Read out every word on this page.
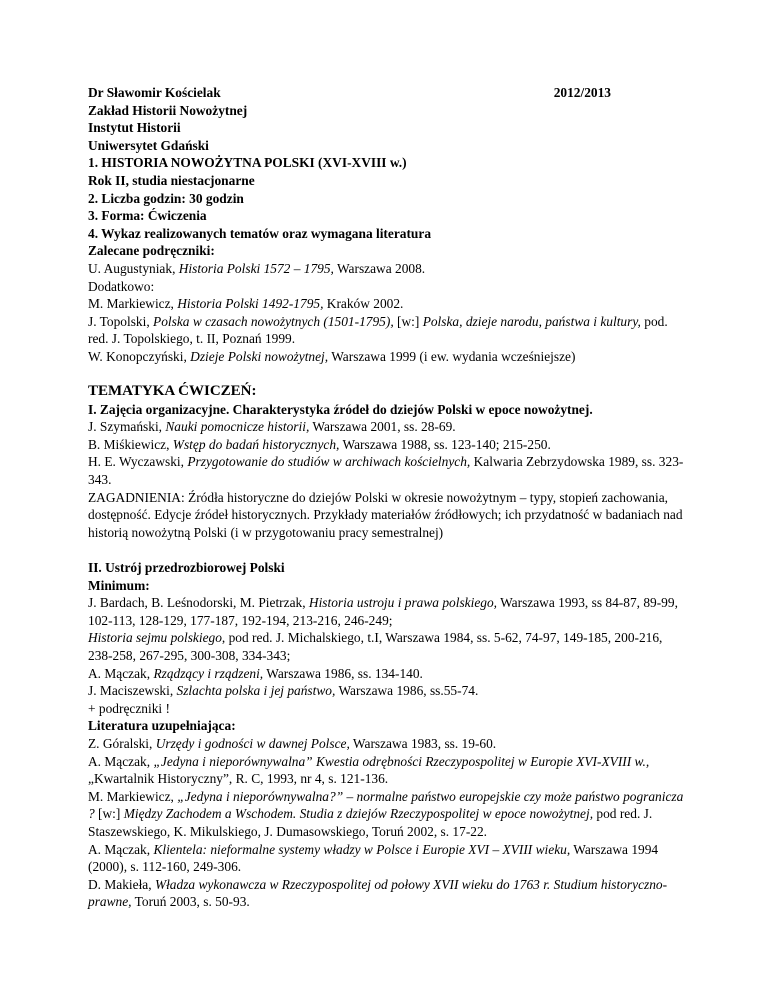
Dr Sławomir Kościelak	2012/2013
Zakład Historii Nowożytnej
Instytut Historii
Uniwersytet Gdański
1. HISTORIA NOWOŻYTNA POLSKI (XVI-XVIII w.)
Rok II, studia niestacjonarne
2. Liczba godzin: 30 godzin
3. Forma: Ćwiczenia
4. Wykaz realizowanych tematów oraz wymagana literatura
Zalecane podręczniki:
U. Augustyniak, Historia Polski 1572 – 1795, Warszawa 2008.
Dodatkowo:
M. Markiewicz, Historia Polski 1492-1795, Kraków 2002.
J. Topolski, Polska w czasach nowożytnych (1501-1795), [w:] Polska, dzieje narodu, państwa i kultury, pod. red. J. Topolskiego, t. II, Poznań 1999.
W. Konopczyński, Dzieje Polski nowożytnej, Warszawa 1999 (i ew. wydania wcześniejsze)
TEMATYKA ĆWICZEŃ:
I. Zajęcia organizacyjne. Charakterystyka źródeł do dziejów Polski w epoce nowożytnej.
J. Szymański, Nauki pomocnicze historii, Warszawa 2001, ss. 28-69.
B. Miśkiewicz, Wstęp do badań historycznych, Warszawa 1988, ss. 123-140; 215-250.
H. E. Wyczawski, Przygotowanie do studiów w archiwach kościelnych, Kalwaria Zebrzydowska 1989, ss. 323-343.
ZAGADNIENIA: Źródła historyczne do dziejów Polski w okresie nowożytnym – typy, stopień zachowania, dostępność. Edycje źródeł historycznych. Przykłady materiałów źródłowych; ich przydatność w badaniach nad historią nowożytną Polski (i w przygotowaniu pracy semestralnej)
II. Ustrój przedrozbiorowej Polski
Minimum:
J. Bardach, B. Leśnodorski, M. Pietrzak, Historia ustroju i prawa polskiego, Warszawa 1993, ss 84-87, 89-99, 102-113, 128-129, 177-187, 192-194, 213-216, 246-249;
Historia sejmu polskiego, pod red. J. Michalskiego, t.I, Warszawa 1984, ss. 5-62, 74-97, 149-185, 200-216, 238-258, 267-295, 300-308, 334-343;
A. Mączak, Rządzący i rządzeni, Warszawa 1986, ss. 134-140.
J. Maciszewski, Szlachta polska i jej państwo, Warszawa 1986, ss.55-74.
+ podręczniki !
Literatura uzupełniająca:
Z. Góralski, Urzędy i godności w dawnej Polsce, Warszawa 1983, ss. 19-60.
A. Mączak, „Jedyna i nieporównywalna” Kwestia odrębności Rzeczypospolitej w Europie XVI-XVIII w., „Kwartalnik Historyczny”, R. C, 1993, nr 4, s. 121-136.
M. Markiewicz, „Jedyna i nieporównywalna?” – normalne państwo europejskie czy może państwo pogranicza ? [w:] Między Zachodem a Wschodem. Studia z dziejów Rzeczypospolitej w epoce nowożytnej, pod red. J. Staszewskiego, K. Mikulskiego, J. Dumasowskiego, Toruń 2002, s. 17-22.
A. Mączak, Klientela: nieformalne systemy władzy w Polsce i Europie XVI – XVIII wieku, Warszawa 1994 (2000), s. 112-160, 249-306.
D. Makieła, Władza wykonawcza w Rzeczypospolitej od połowy XVII wieku do 1763 r. Studium historyczno-prawne, Toruń 2003, s. 50-93.
